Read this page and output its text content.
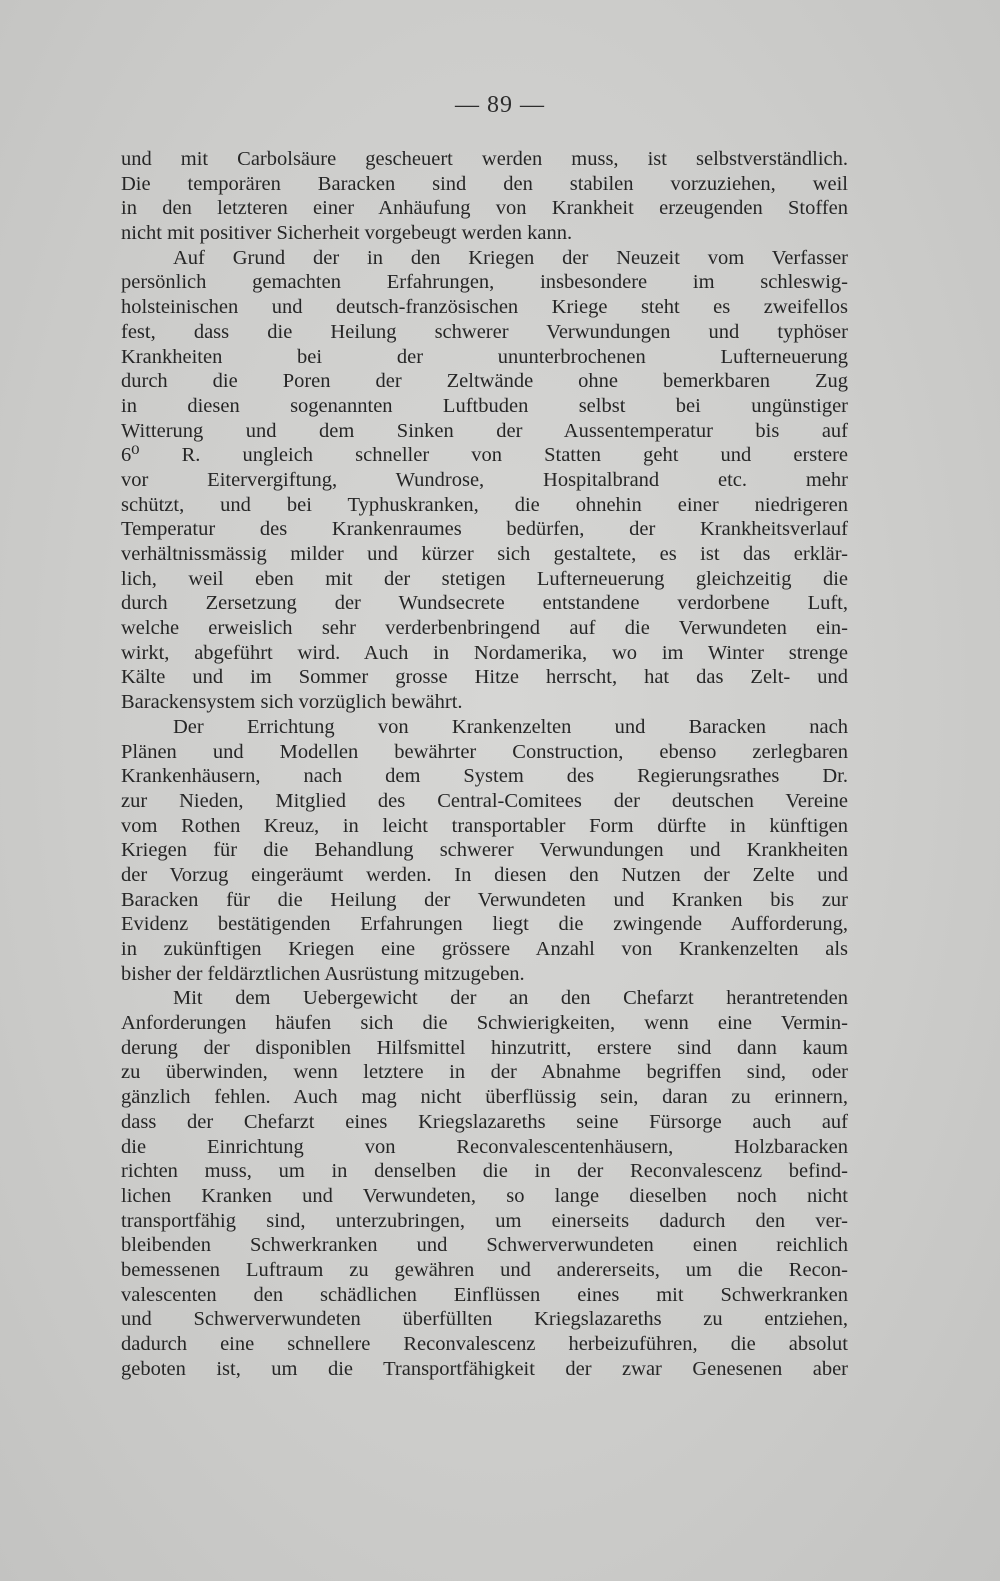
— 89 —
und mit Carbolsäure gescheuert werden muss, ist selbstverständlich.
Die temporären Baracken sind den stabilen vorzuziehen, weil
in den letzteren einer Anhäufung von Krankheit erzeugenden Stoffen
nicht mit positiver Sicherheit vorgebeugt werden kann.
Auf Grund der in den Kriegen der Neuzeit vom Verfasser
persönlich gemachten Erfahrungen, insbesondere im schleswig-
holsteinischen und deutsch-französischen Kriege steht es zweifellos
fest, dass die Heilung schwerer Verwundungen und typhöser
Krankheiten bei der ununterbrochenen Lufterneuerung
durch die Poren der Zeltwände ohne bemerkbaren Zug
in diesen sogenannten Luftbuden selbst bei ungünstiger
Witterung und dem Sinken der Aussentemperatur bis auf
6⁰ R. ungleich schneller von Statten geht und erstere
vor Eitervergiftung, Wundrose, Hospitalbrand etc. mehr
schützt, und bei Typhuskranken, die ohnehin einer niedrigeren
Temperatur des Krankenraumes bedürfen, der Krankheitsverlauf
verhältnissmässig milder und kürzer sich gestaltete, es ist das erklär-
lich, weil eben mit der stetigen Lufterneuerung gleichzeitig die
durch Zersetzung der Wundsecrete entstandene verdorbene Luft,
welche erweislich sehr verderbenbringend auf die Verwundeten ein-
wirkt, abgeführt wird. Auch in Nordamerika, wo im Winter strenge
Kälte und im Sommer grosse Hitze herrscht, hat das Zelt- und
Barackensystem sich vorzüglich bewährt.
Der Errichtung von Krankenzelten und Baracken nach
Plänen und Modellen bewährter Construction, ebenso zerlegbaren
Krankenhäusern, nach dem System des Regierungsrathes Dr.
zur Nieden, Mitglied des Central-Comitees der deutschen Vereine
vom Rothen Kreuz, in leicht transportabler Form dürfte in künftigen
Kriegen für die Behandlung schwerer Verwundungen und Krankheiten
der Vorzug eingeräumt werden. In diesen den Nutzen der Zelte und
Baracken für die Heilung der Verwundeten und Kranken bis zur
Evidenz bestätigenden Erfahrungen liegt die zwingende Aufforderung,
in zukünftigen Kriegen eine grössere Anzahl von Krankenzelten als
bisher der feldärztlichen Ausrüstung mitzugeben.
Mit dem Uebergewicht der an den Chefarzt herantretenden
Anforderungen häufen sich die Schwierigkeiten, wenn eine Vermin-
derung der disponiblen Hilfsmittel hinzutritt, erstere sind dann kaum
zu überwinden, wenn letztere in der Abnahme begriffen sind, oder
gänzlich fehlen. Auch mag nicht überflüssig sein, daran zu erinnern,
dass der Chefarzt eines Kriegslazareths seine Fürsorge auch auf
die Einrichtung von Reconvalescentenhäusern, Holzbaracken
richten muss, um in denselben die in der Reconvalescenz befind-
lichen Kranken und Verwundeten, so lange dieselben noch nicht
transportfähig sind, unterzubringen, um einerseits dadurch den ver-
bleibenden Schwerkranken und Schwerverwundeten einen reichlich
bemessenen Luftraum zu gewähren und andererseits, um die Recon-
valescenten den schädlichen Einflüssen eines mit Schwerkranken
und Schwerverwundeten überfüllten Kriegslazareths zu entziehen,
dadurch eine schnellere Reconvalescenz herbeizuführen, die absolut
geboten ist, um die Transportfähigkeit der zwar Genesenen aber
